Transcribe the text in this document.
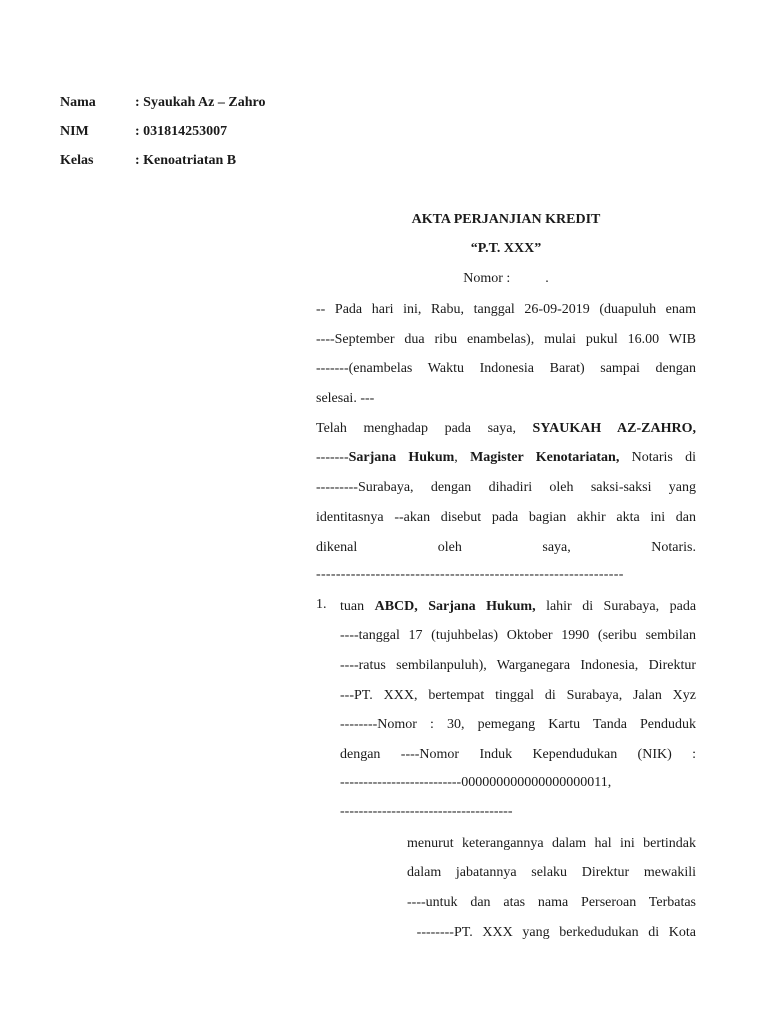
Nama	: Syaukah Az – Zahro
NIM	: 031814253007
Kelas	: Kenoatriatan B
AKTA PERJANJIAN KREDIT
“P.T. XXX”
Nomor :          .

-- Pada hari ini, Rabu, tanggal 26-09-2019 (duapuluh enam

----September dua ribu enambelas), mulai pukul 16.00 WIB

-------(enambelas Waktu Indonesia Barat) sampai dengan

selesai. ---

Telah menghadap pada saya, SYAUKAH AZ-ZAHRO,

-------Sarjana Hukum, Magister Kenotariatan, Notaris di

---------Surabaya, dengan dihadiri oleh saksi-saksi yang

identitasnya --akan disebut pada bagian akhir akta ini dan

dikenal oleh saya, Notaris.

--------------------------------------------------------------
1. tuan ABCD, Sarjana Hukum, lahir di Surabaya, pada

----tanggal 17 (tujuhbelas) Oktober 1990 (seribu sembilan

----ratus sembilanpuluh), Warganegara Indonesia, Direktur

---PT. XXX, bertempat tinggal di Surabaya, Jalan Xyz

--------Nomor : 30, pemegang Kartu Tanda Penduduk

dengan ----Nomor Induk Kependudukan (NIK) :

--------------------------000000000000000000011,
-------------------------------------

menurut keterangannya dalam hal ini bertindak

dalam jabatannya selaku Direktur mewakili

----untuk dan atas nama Perseroan Terbatas

--------PT. XXX yang berkedudukan di Kota
